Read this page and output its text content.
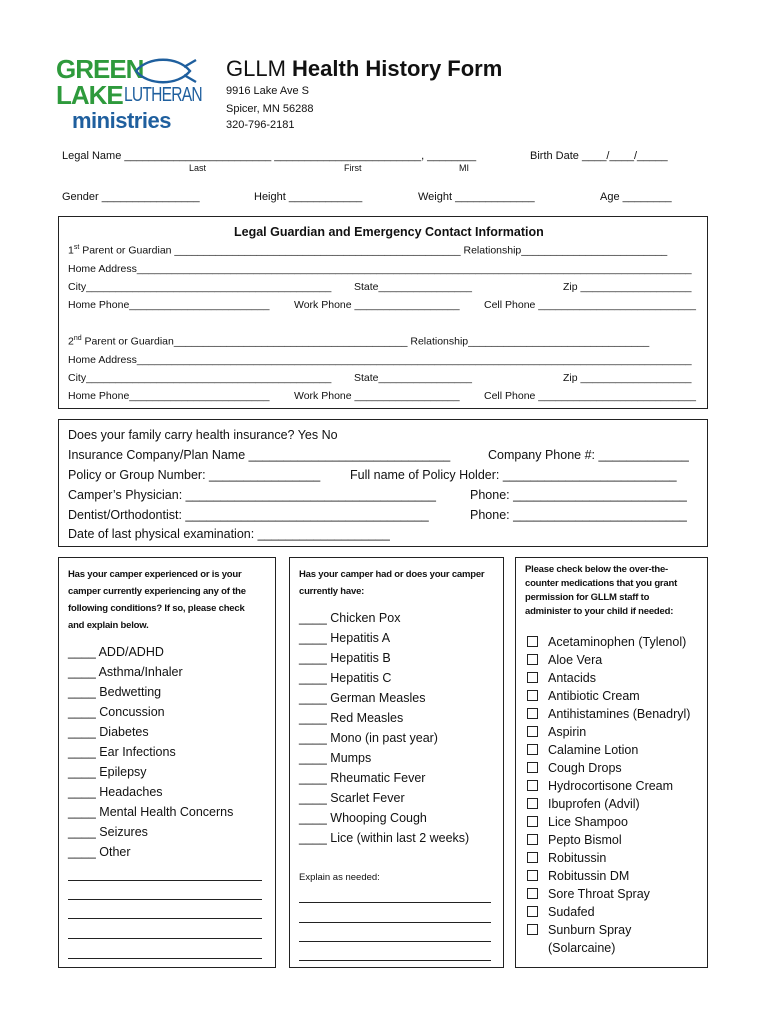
GREEN
LAKE LUTHERAN
ministries
GLLM Health History Form
9916 Lake Ave S
Spicer, MN 56288
320-796-2181
Legal Name ________________________ ________________________, ________	Birth Date ____/____/_____
Last	First	MI
Gender ________________	Height ____________	Weight _____________	Age ________
Legal Guardian and Emergency Contact Information
1st Parent or Guardian _________________________________________________ Relationship_________________________
Home Address_______________________________________________________________________________________________
City__________________________________________ State________________	Zip ___________________
Home Phone________________________ Work Phone __________________ Cell Phone ___________________________
2nd Parent or Guardian________________________________________ Relationship_______________________________
Home Address_______________________________________________________________________________________________
City__________________________________________ State________________	Zip ___________________
Home Phone________________________ Work Phone __________________ Cell Phone ___________________________
Does your family carry health insurance? Yes No
Insurance Company/Plan Name _____________________________	Company Phone #: _____________
Policy or Group Number: ________________ Full name of Policy Holder: _________________________
Camper’s Physician: ____________________________________	Phone: _________________________
Dentist/Orthodontist: ___________________________________	Phone: _________________________
Date of last physical examination: ___________________
Has your camper experienced or is your
camper currently experiencing any of the
following conditions? If so, please check
and explain below.
____ ADD/ADHD
____ Asthma/Inhaler
____ Bedwetting
____ Concussion
____ Diabetes
____ Ear Infections
____ Epilepsy
____ Headaches
____ Mental Health Concerns
____ Seizures
____ Other
Has your camper had or does your camper
currently have:
____ Chicken Pox
____ Hepatitis A
____ Hepatitis B
____ Hepatitis C
____ German Measles
____ Red Measles
____ Mono (in past year)
____ Mumps
____ Rheumatic Fever
____ Scarlet Fever
____ Whooping Cough
____ Lice (within last 2 weeks)
Explain as needed:
Please check below the over-the-
counter medications that you grant
permission for GLLM staff to
administer to your child if needed:
Acetaminophen (Tylenol)
Aloe Vera
Antacids
Antibiotic Cream
Antihistamines (Benadryl)
Aspirin
Calamine Lotion
Cough Drops
Hydrocortisone Cream
Ibuprofen (Advil)
Lice Shampoo
Pepto Bismol
Robitussin
Robitussin DM
Sore Throat Spray
Sudafed
Sunburn Spray
(Solarcaine)
